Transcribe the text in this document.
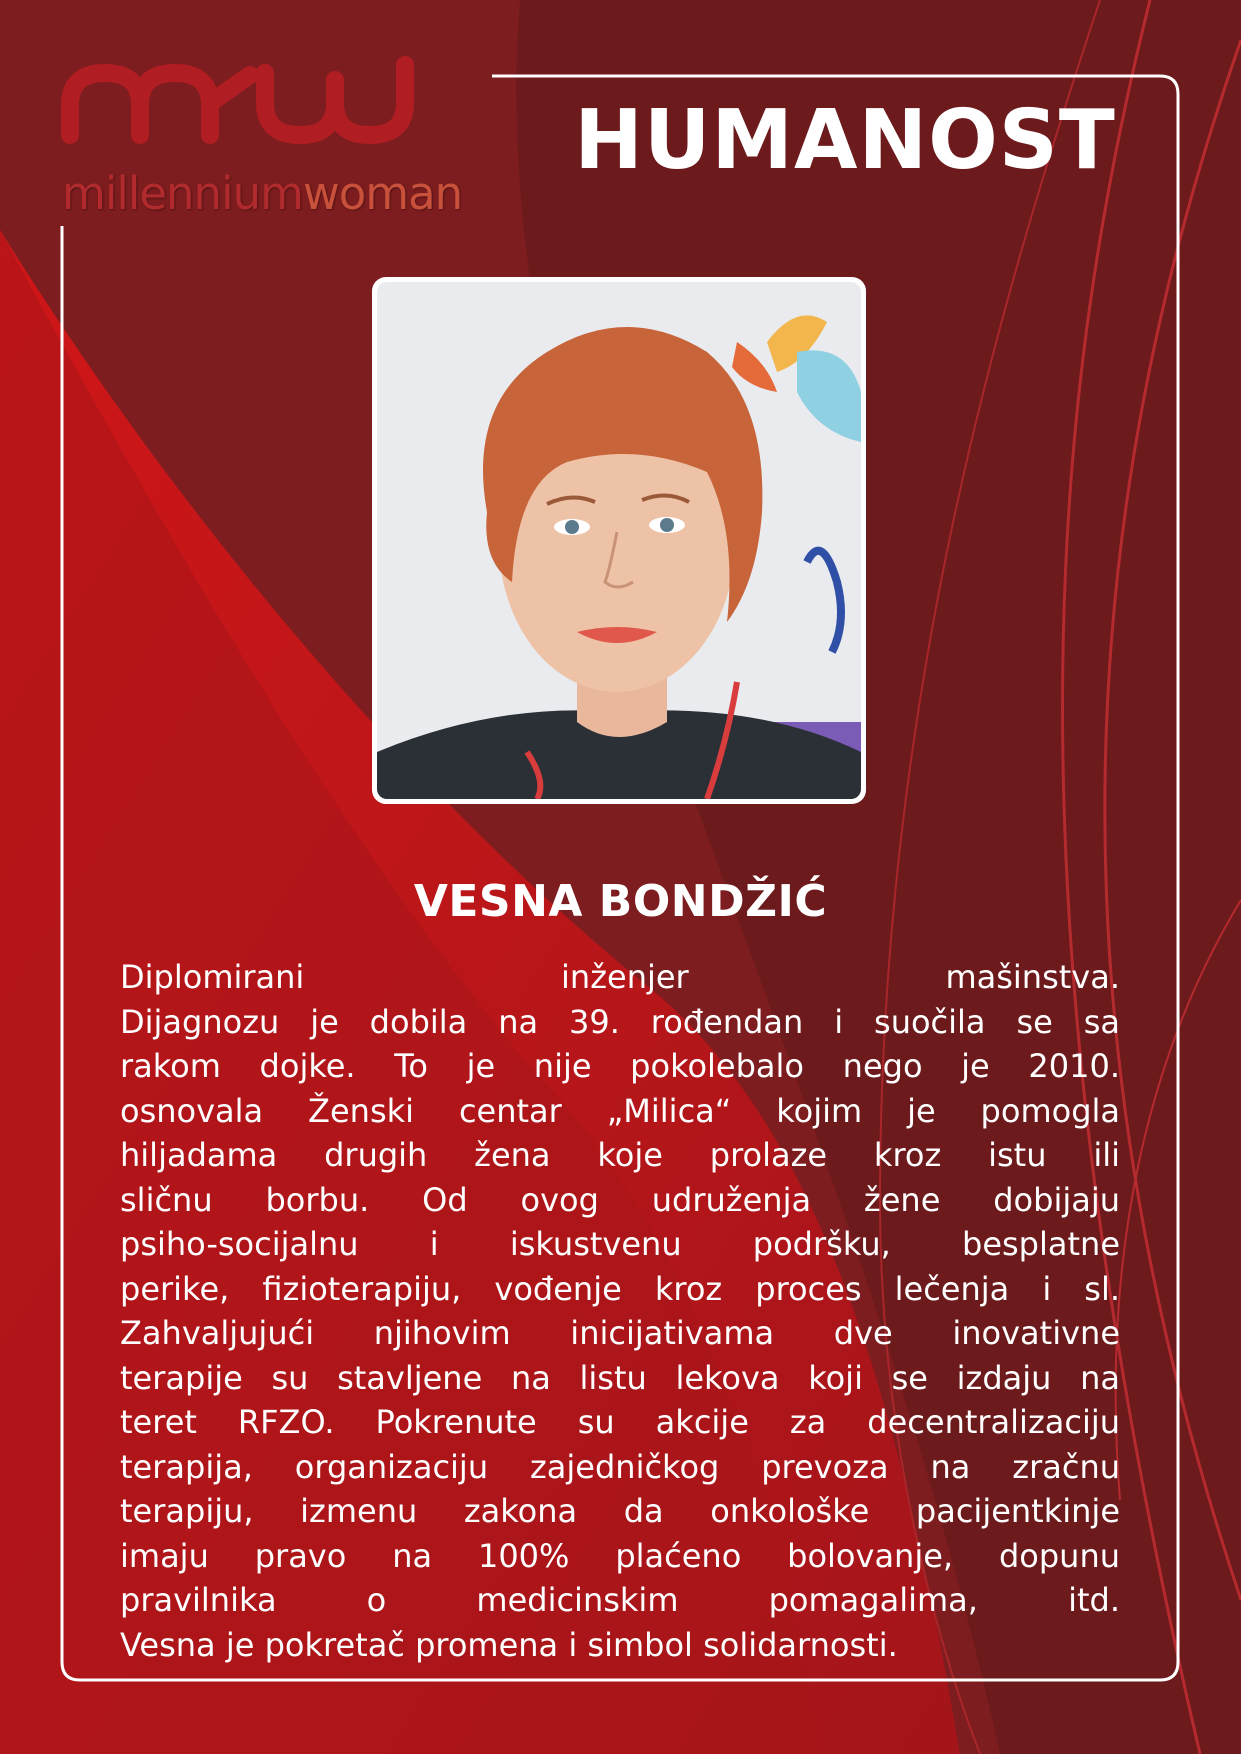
millenniumwoman
HUMANOST
VESNA BONDŽIĆ
Diplomirani inženjer mašinstva.
Dijagnozu je dobila na 39. rođendan i suočila se sa
rakom dojke. To je nije pokolebalo nego je 2010.
osnovala Ženski centar „Milica“ kojim je pomogla
hiljadama drugih žena koje prolaze kroz istu ili
sličnu borbu. Od ovog udruženja žene dobijaju
psiho-socijalnu i iskustvenu podršku, besplatne
perike, fizioterapiju, vođenje kroz proces lečenja i sl.
Zahvaljujući njihovim inicijativama dve inovativne
terapije su stavljene na listu lekova koji se izdaju na
teret RFZO. Pokrenute su akcije za decentralizaciju
terapija, organizaciju zajedničkog prevoza na zračnu
terapiju, izmenu zakona da onkološke pacijentkinje
imaju pravo na 100% plaćeno bolovanje, dopunu
pravilnika o medicinskim pomagalima, itd.
Vesna je pokretač promena i simbol solidarnosti.
